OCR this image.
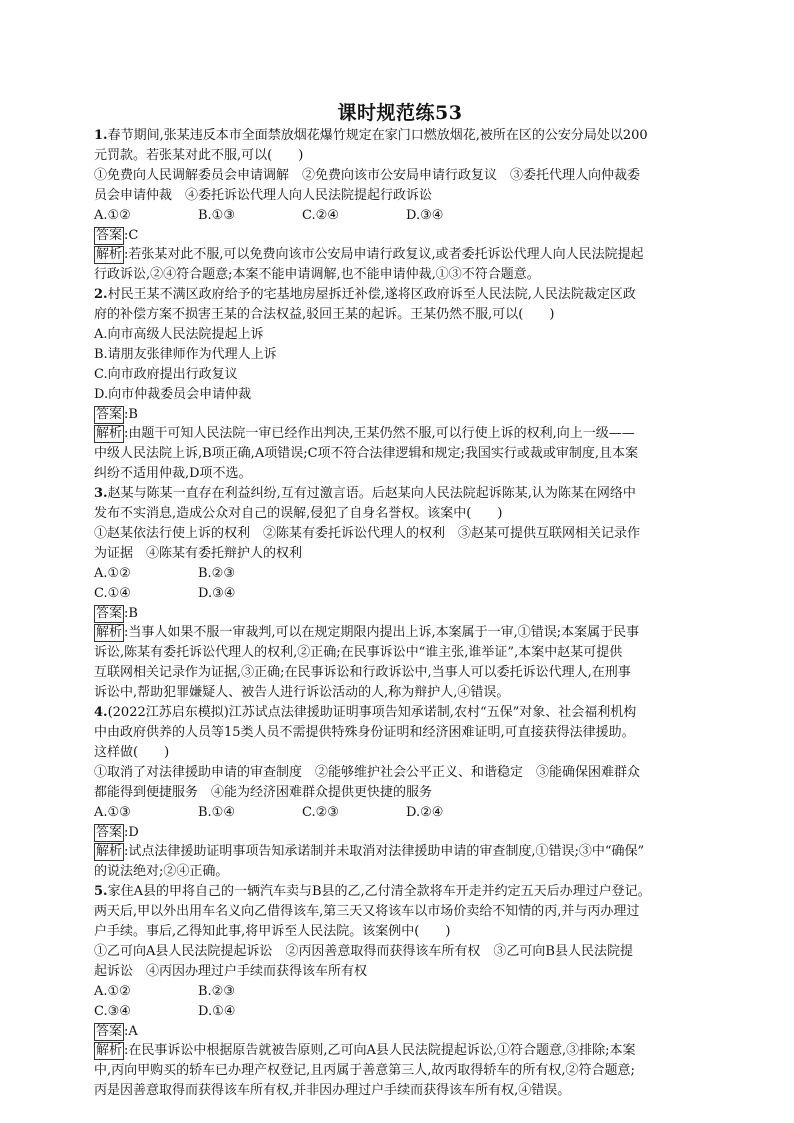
课时规范练53
1.春节期间,张某违反本市全面禁放烟花爆竹规定在家门口燃放烟花,被所在区的公安分局处以200
元罚款。若张某对此不服,可以(　　)
①免费向人民调解委员会申请调解　②免费向该市公安局申请行政复议　③委托代理人向仲裁委
员会申请仲裁　④委托诉讼代理人向人民法院提起行政诉讼
A.①②	B.①③	C.②④	D.③④
答案 :C
解析 :若张某对此不服,可以免费向该市公安局申请行政复议,或者委托诉讼代理人向人民法院提起
行政诉讼,②④符合题意;本案不能申请调解,也不能申请仲裁,①③不符合题意。
2.村民王某不满区政府给予的宅基地房屋拆迁补偿,遂将区政府诉至人民法院,人民法院裁定区政
府的补偿方案不损害王某的合法权益,驳回王某的起诉。王某仍然不服,可以(　　)
A.向市高级人民法院提起上诉
B.请朋友张律师作为代理人上诉
C.向市政府提出行政复议
D.向市仲裁委员会申请仲裁
答案 :B
解析 :由题干可知人民法院一审已经作出判决,王某仍然不服,可以行使上诉的权利,向上一级——
中级人民法院上诉,B项正确,A项错误;C项不符合法律逻辑和规定;我国实行或裁或审制度,且本案
纠纷不适用仲裁,D项不选。
3.赵某与陈某一直存在利益纠纷,互有过激言语。后赵某向人民法院起诉陈某,认为陈某在网络中
发布不实消息,造成公众对自己的误解,侵犯了自身名誉权。该案中(　　)
①赵某依法行使上诉的权利　②陈某有委托诉讼代理人的权利　③赵某可提供互联网相关记录作
为证据　④陈某有委托辩护人的权利
A.①②	B.②③
C.①④	D.③④
答案 :B
解析 :当事人如果不服一审裁判,可以在规定期限内提出上诉,本案属于一审,①错误;本案属于民事
诉讼,陈某有委托诉讼代理人的权利,②正确;在民事诉讼中“谁主张,谁举证”,本案中赵某可提供
互联网相关记录作为证据,③正确;在民事诉讼和行政诉讼中,当事人可以委托诉讼代理人,在刑事
诉讼中,帮助犯罪嫌疑人、被告人进行诉讼活动的人,称为辩护人,④错误。
4.(2022江苏启东模拟)江苏试点法律援助证明事项告知承诺制,农村“五保”对象、社会福利机构
中由政府供养的人员等15类人员不需提供特殊身份证明和经济困难证明,可直接获得法律援助。
这样做(　　)
①取消了对法律援助申请的审查制度　②能够维护社会公平正义、和谐稳定　③能确保困难群众
都能得到便捷服务　④能为经济困难群众提供更快捷的服务
A.①③	B.①④	C.②③	D.②④
答案 :D
解析 :试点法律援助证明事项告知承诺制并未取消对法律援助申请的审查制度,①错误;③中“确保”
的说法绝对;②④正确。
5.家住A县的甲将自己的一辆汽车卖与B县的乙,乙付清全款将车开走并约定五天后办理过户登记。
两天后,甲以外出用车名义向乙借得该车,第三天又将该车以市场价卖给不知情的丙,并与丙办理过
户手续。事后,乙得知此事,将甲诉至人民法院。该案例中(　　)
①乙可向A县人民法院提起诉讼　②丙因善意取得而获得该车所有权　③乙可向B县人民法院提
起诉讼　④丙因办理过户手续而获得该车所有权
A.①②	B.②③
C.③④	D.①④
答案 :A
解析 :在民事诉讼中根据原告就被告原则,乙可向A县人民法院提起诉讼,①符合题意,③排除;本案
中,丙向甲购买的轿车已办理产权登记,且丙属于善意第三人,故丙取得轿车的所有权,②符合题意;
丙是因善意取得而获得该车所有权,并非因办理过户手续而获得该车所有权,④错误。
